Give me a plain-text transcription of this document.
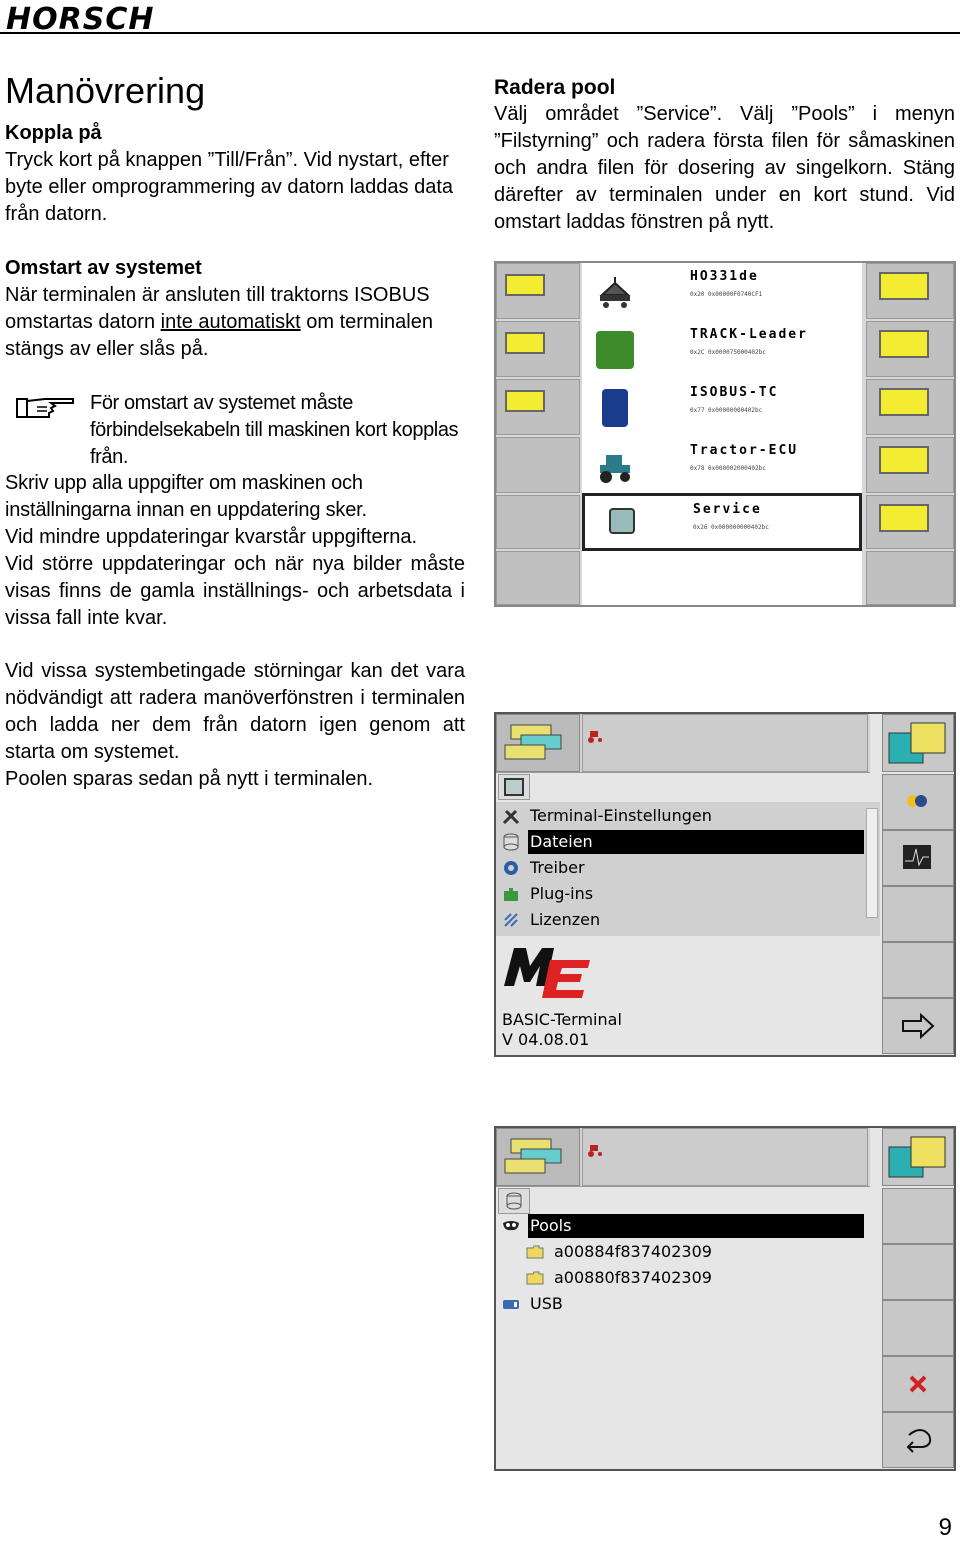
HORSCH
Manövrering
Koppla på
Tryck kort på knappen ”Till/Från”. Vid nystart, efter byte eller omprogrammering av datorn laddas data från datorn.
Omstart av systemet
När terminalen är ansluten till traktorns ISOBUS omstartas datorn inte automatiskt om terminalen stängs av eller slås på.
För omstart av systemet måste förbindelsekabeln till maskinen kort kopplas från.
Skriv upp alla uppgifter om maskinen och inställningarna innan en uppdatering sker.
Vid mindre uppdateringar kvarstår uppgifterna.
Vid större uppdateringar och när nya bilder måste visas finns de gamla inställnings- och arbetsdata i vissa fall inte kvar.
Vid vissa systembetingade störningar kan det vara nödvändigt att radera manöverfönstren i terminalen och ladda ner dem från datorn igen genom att starta om systemet.
Poolen sparas sedan på nytt i terminalen.
Radera pool
Välj området ”Service”. Välj ”Pools” i menyn ”Filstyrning” och radera första filen för såmaskinen och andra filen för dosering av singelkorn. Stäng därefter av terminalen under en kort stund. Vid omstart laddas fönstren på nytt.
HO331de
0x20 0x00000F0740CF1
TRACK-Leader
0x2C 0x000075000402bc
ISOBUS-TC
0x77 0x00000000402bc
Tractor-ECU
0x78 0x000002000402bc
Service
0x26 0x000000000402bc
Terminal-Einstellungen
Dateien
Treiber
Plug-ins
Lizenzen
BASIC-Terminal
V 04.08.01
Pools
a00884f837402309
a00880f837402309
USB
9
